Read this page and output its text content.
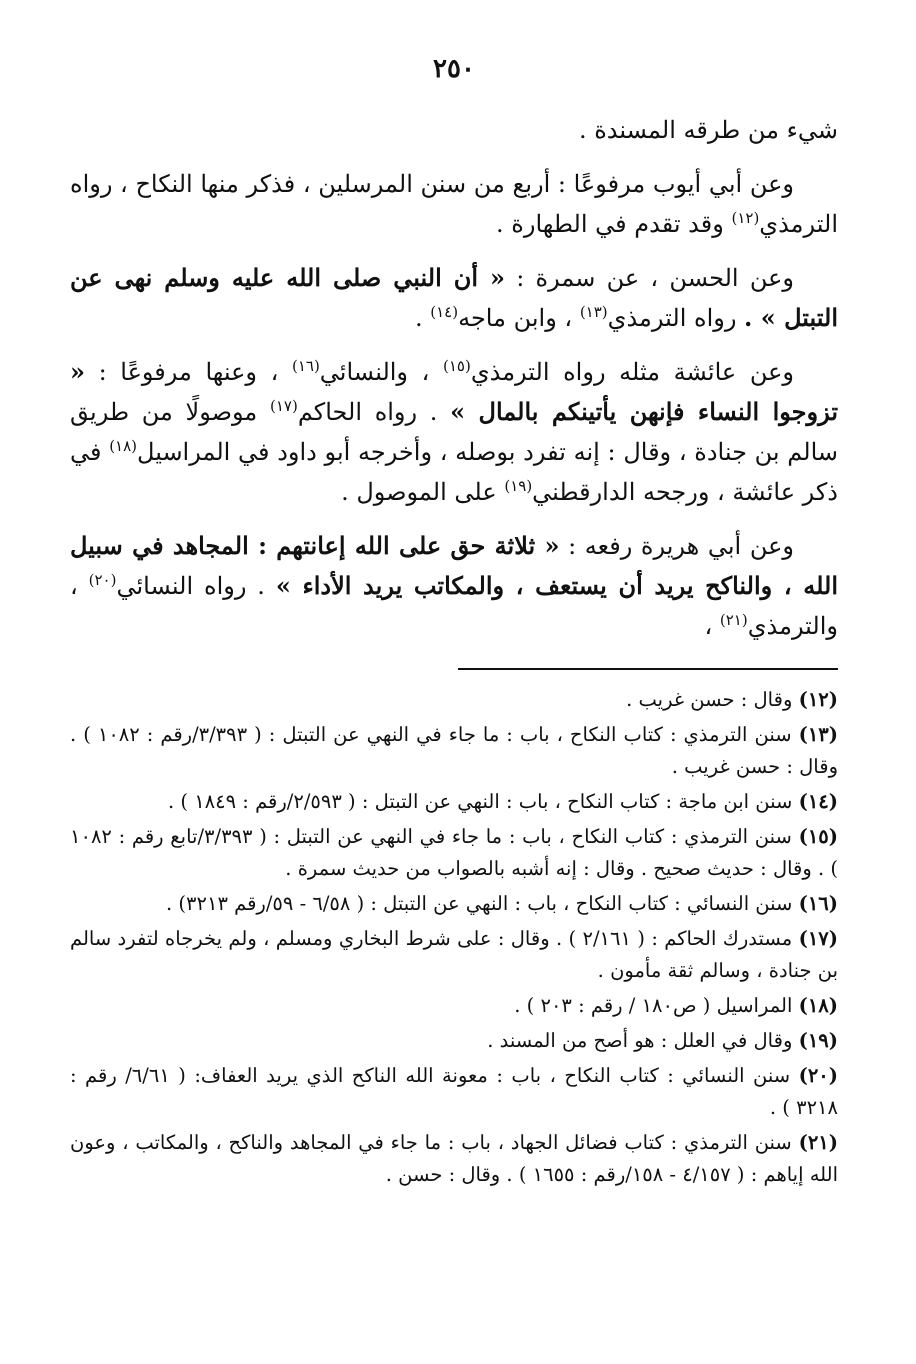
٢٥٠

شيء من طرقه المسندة .

وعن أبي أيوب مرفوعًا : أربع من سنن المرسلين ، فذكر منها النكاح ، رواه الترمذي$^{(١٢)}$ وقد تقدم في الطهارة .

وعن الحسن ، عن سمرة : « أن النبي صلى الله عليه وسلم نهى عن التبتل » . رواه الترمذي$^{(١٣)}$ ، وابن ماجه$^{(١٤)}$ .

وعن عائشة مثله رواه الترمذي$^{(١٥)}$ ، والنسائي$^{(١٦)}$ ، وعنها مرفوعًا : « تزوجوا النساء فإنهن يأتينكم بالمال » . رواه الحاكم$^{(١٧)}$ موصولًا من طريق سالم بن جنادة ، وقال : إنه تفرد بوصله ، وأخرجه أبو داود في المراسيل$^{(١٨)}$ في ذكر عائشة ، ورجحه الدارقطني$^{(١٩)}$ على الموصول .

وعن أبي هريرة رفعه : « ثلاثة حق على الله إعانتهم : المجاهد في سبيل الله ، والناكح يريد أن يستعف ، والمكاتب يريد الأداء » . رواه النسائي$^{(٢٠)}$ ، والترمذي$^{(٢١)}$ ،

(١٢) وقال : حسن غريب .
(١٣) سنن الترمذي : كتاب النكاح ، باب : ما جاء في النهي عن التبتل : ( ٣/٣٩٣/رقم : ١٠٨٢ ) . وقال : حسن غريب .
(١٤) سنن ابن ماجة : كتاب النكاح ، باب : النهي عن التبتل : ( ٢/٥٩٣/رقم : ١٨٤٩ ) .
(١٥) سنن الترمذي : كتاب النكاح ، باب : ما جاء في النهي عن التبتل : ( ٣/٣٩٣/تابع رقم : ١٠٨٢ ) . وقال : حديث صحيح . وقال : إنه أشبه بالصواب من حديث سمرة .
(١٦) سنن النسائي : كتاب النكاح ، باب : النهي عن التبتل : ( ٦/٥٨ - ٥٩/رقم ٣٢١٣) .
(١٧) مستدرك الحاكم : ( ٢/١٦١ ) . وقال : على شرط البخاري ومسلم ، ولم يخرجاه لتفرد سالم بن جنادة ، وسالم ثقة مأمون .
(١٨) المراسيل ( ص١٨٠ / رقم : ٢٠٣ ) .
(١٩) وقال في العلل : هو أصح من المسند .
(٢٠) سنن النسائي : كتاب النكاح ، باب : معونة الله الناكح الذي يريد العفاف: ( ٦/٦١/ رقم : ٣٢١٨ ) .
(٢١) سنن الترمذي : كتاب فضائل الجهاد ، باب : ما جاء في المجاهد والناكح ، والمكاتب ، وعون الله إياهم : ( ٤/١٥٧ - ١٥٨/رقم : ١٦٥٥ ) . وقال : حسن .
